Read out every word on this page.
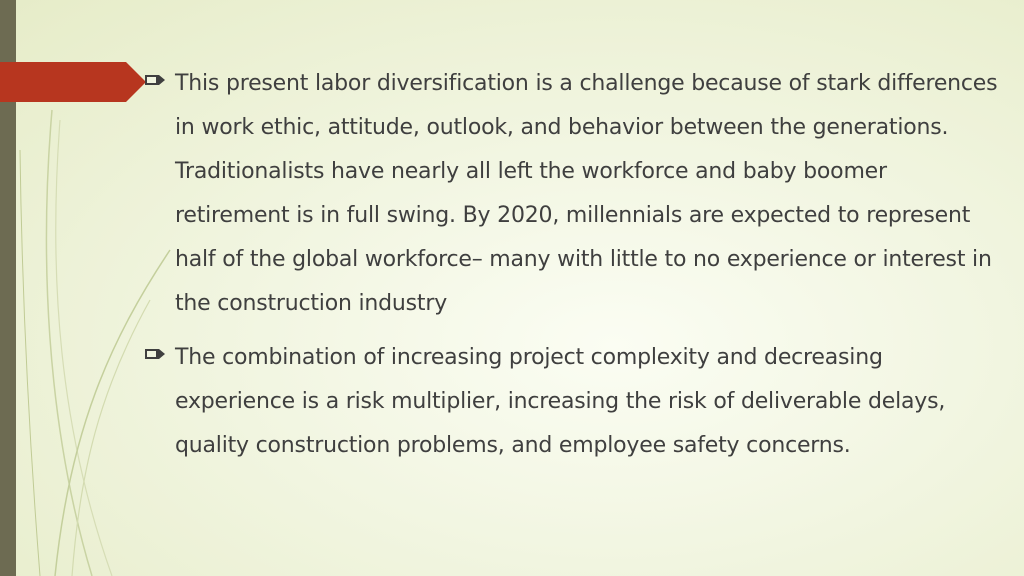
This present labor diversification is a challenge because of stark differences in work ethic, attitude, outlook, and behavior between the generations. Traditionalists have nearly all left the workforce and baby boomer retirement is in full swing. By 2020, millennials are expected to represent half of the global workforce– many with little to no experience or interest in the construction industry
The combination of increasing project complexity and decreasing experience is a risk multiplier, increasing the risk of deliverable delays, quality construction problems, and employee safety concerns.
